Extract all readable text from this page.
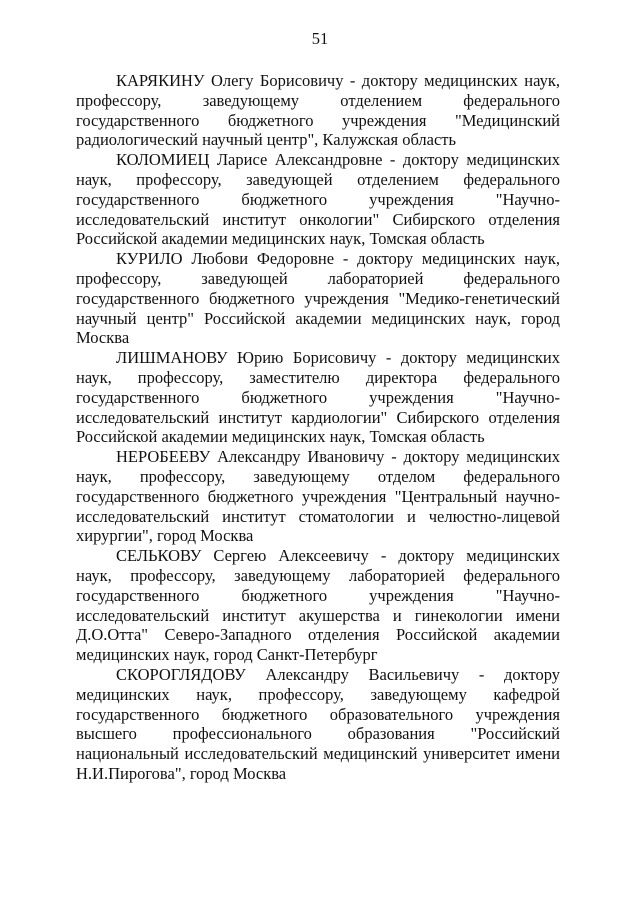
51

КАРЯКИНУ Олегу Борисовичу - доктору медицинских наук, профессору, заведующему отделением федерального государственного бюджетного учреждения "Медицинский радиологический научный центр", Калужская область

КОЛОМИЕЦ Ларисе Александровне - доктору медицинских наук, профессору, заведующей отделением федерального государственного бюджетного учреждения "Научно-исследовательский институт онкологии" Сибирского отделения Российской академии медицинских наук, Томская область

КУРИЛО Любови Федоровне - доктору медицинских наук, профессору, заведующей лабораторией федерального государственного бюджетного учреждения "Медико-генетический научный центр" Российской академии медицинских наук, город Москва

ЛИШМАНОВУ Юрию Борисовичу - доктору медицинских наук, профессору, заместителю директора федерального государственного бюджетного учреждения "Научно-исследовательский институт кардиологии" Сибирского отделения Российской академии медицинских наук, Томская область

НЕРОБЕЕВУ Александру Ивановичу - доктору медицинских наук, профессору, заведующему отделом федерального государственного бюджетного учреждения "Центральный научно-исследовательский институт стоматологии и челюстно-лицевой хирургии", город Москва

СЕЛЬКОВУ Сергею Алексеевичу - доктору медицинских наук, профессору, заведующему лабораторией федерального государственного бюджетного учреждения "Научно-исследовательский институт акушерства и гинекологии имени Д.О.Отта" Северо-Западного отделения Российской академии медицинских наук, город Санкт-Петербург

СКОРОГЛЯДОВУ Александру Васильевичу - доктору медицинских наук, профессору, заведующему кафедрой государственного бюджетного образовательного учреждения высшего профессионального образования "Российский национальный исследовательский медицинский университет имени Н.И.Пирогова", город Москва
